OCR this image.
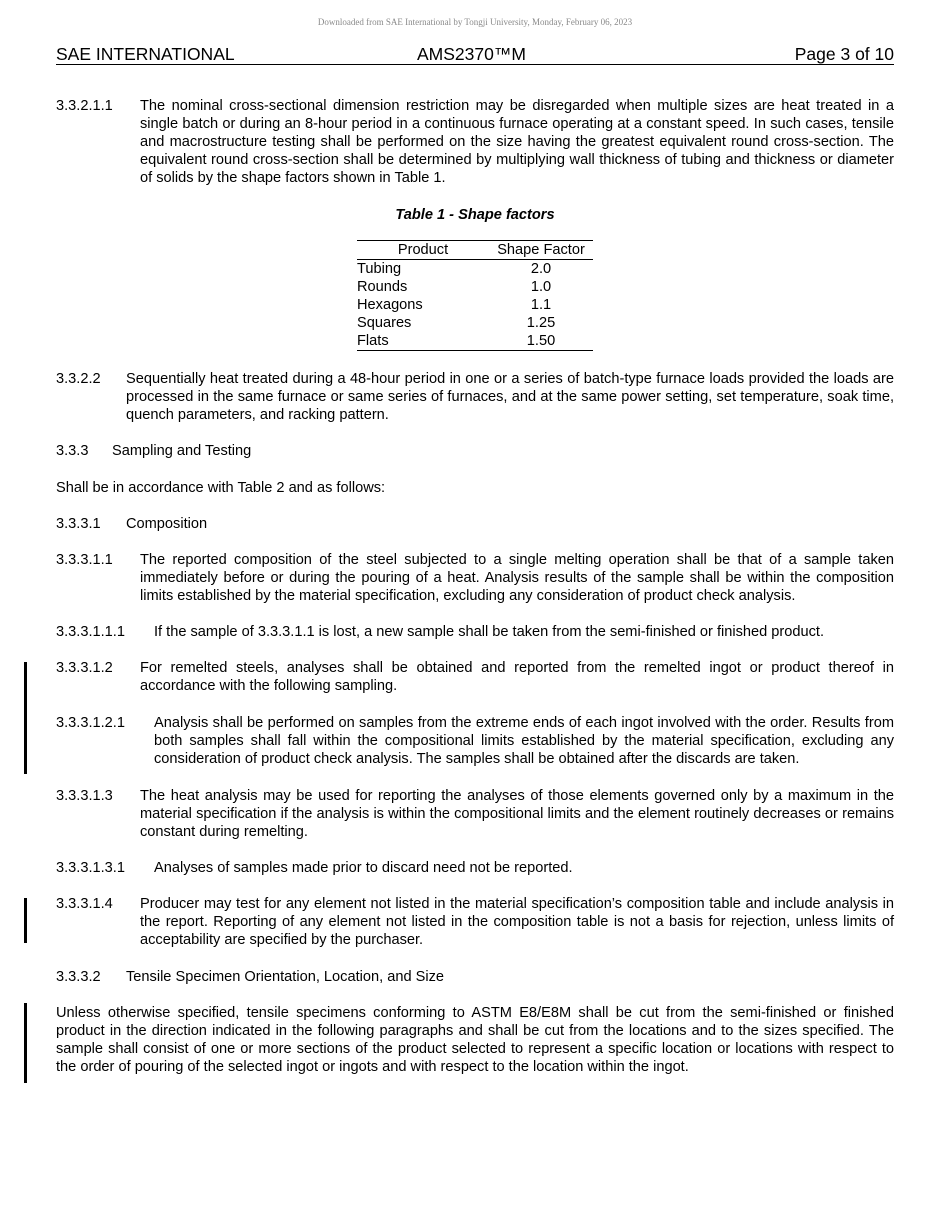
Downloaded from SAE International by Tongji University, Monday, February 06, 2023
SAE INTERNATIONAL	AMS2370™M	Page 3 of 10
3.3.2.1.1 The nominal cross-sectional dimension restriction may be disregarded when multiple sizes are heat treated in a single batch or during an 8-hour period in a continuous furnace operating at a constant speed. In such cases, tensile and macrostructure testing shall be performed on the size having the greatest equivalent round cross-section. The equivalent round cross-section shall be determined by multiplying wall thickness of tubing and thickness or diameter of solids by the shape factors shown in Table 1.
Table 1 - Shape factors
Product	Shape Factor
Tubing	2.0
Rounds	1.0
Hexagons	1.1
Squares	1.25
Flats	1.50
3.3.2.2 Sequentially heat treated during a 48-hour period in one or a series of batch-type furnace loads provided the loads are processed in the same furnace or same series of furnaces, and at the same power setting, set temperature, soak time, quench parameters, and racking pattern.
3.3.3 Sampling and Testing
Shall be in accordance with Table 2 and as follows:
3.3.3.1 Composition
3.3.3.1.1 The reported composition of the steel subjected to a single melting operation shall be that of a sample taken immediately before or during the pouring of a heat. Analysis results of the sample shall be within the composition limits established by the material specification, excluding any consideration of product check analysis.
3.3.3.1.1.1 If the sample of 3.3.3.1.1 is lost, a new sample shall be taken from the semi-finished or finished product.
3.3.3.1.2 For remelted steels, analyses shall be obtained and reported from the remelted ingot or product thereof in accordance with the following sampling.
3.3.3.1.2.1 Analysis shall be performed on samples from the extreme ends of each ingot involved with the order. Results from both samples shall fall within the compositional limits established by the material specification, excluding any consideration of product check analysis. The samples shall be obtained after the discards are taken.
3.3.3.1.3 The heat analysis may be used for reporting the analyses of those elements governed only by a maximum in the material specification if the analysis is within the compositional limits and the element routinely decreases or remains constant during remelting.
3.3.3.1.3.1 Analyses of samples made prior to discard need not be reported.
3.3.3.1.4 Producer may test for any element not listed in the material specification’s composition table and include analysis in the report. Reporting of any element not listed in the composition table is not a basis for rejection, unless limits of acceptability are specified by the purchaser.
3.3.3.2 Tensile Specimen Orientation, Location, and Size
Unless otherwise specified, tensile specimens conforming to ASTM E8/E8M shall be cut from the semi-finished or finished product in the direction indicated in the following paragraphs and shall be cut from the locations and to the sizes specified. The sample shall consist of one or more sections of the product selected to represent a specific location or locations with respect to the order of pouring of the selected ingot or ingots and with respect to the location within the ingot.
